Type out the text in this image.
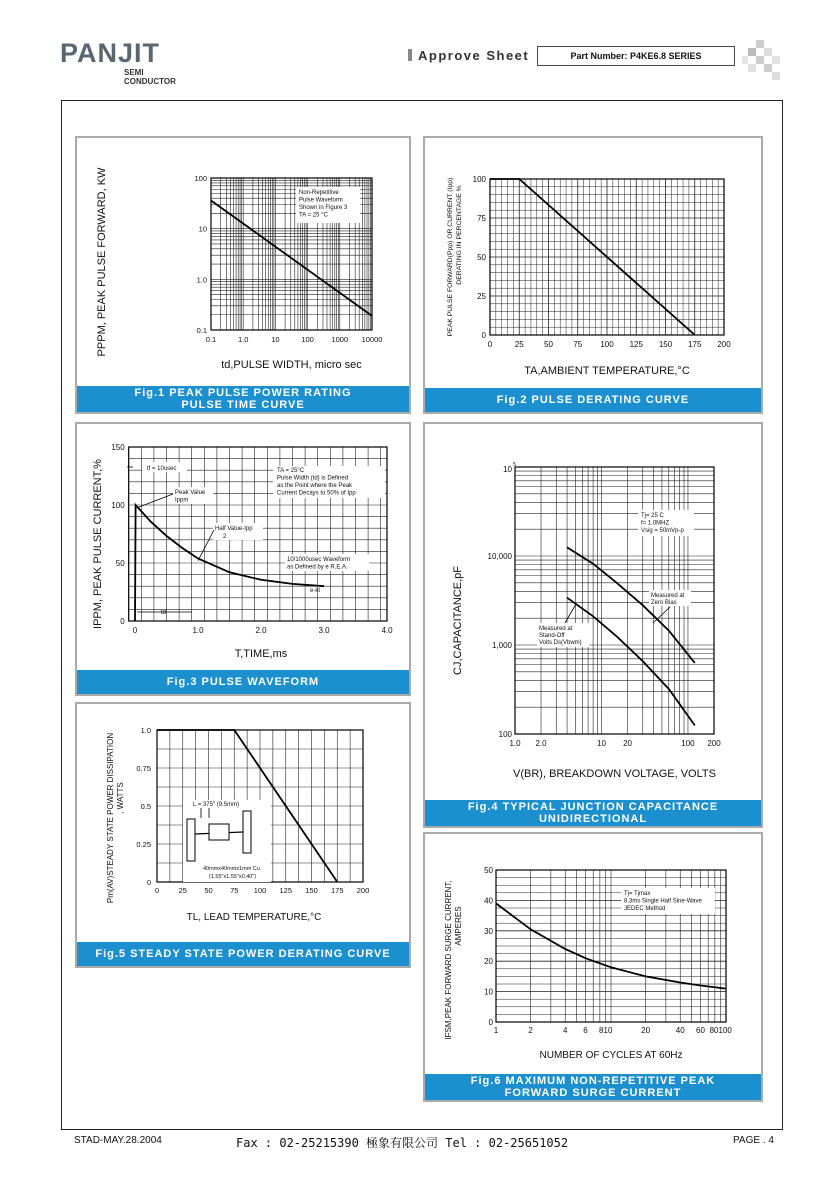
PANJIT
SEMI
CONDUCTOR
Approve Sheet	Part Number: P4KE6.8 SERIES
0.1	1.0	10	100 1000 10000
0.1
1.0
10
100
Non-Repetitive
Pulse Waveform
Shown in Figure 3
TA = 25 °C
td,PULSE WIDTH, micro sec
PPPM, PEAK PULSE FORWARD, KW
Fig.1 PEAK PULSE POWER RATING
PULSE TIME CURVE
0	25	50	75 100 125 150 175 200
0
25
50
75
100
TA,AMBIENT TEMPERATURE,°C
PEAK PULSE FORWARD(Ppp) OR CURRENT (Ipp) DERATING IN PERCENTAGE %
Fig.2 PULSE DERATING CURVE
0	1.0	2.0	3.0	4.0
0
50
100
150
tf = 10usec	TA = 25°C
Pulse Width (td) is Defined
as the Point where the Peak
Current Decays to 50% of Ipp
Peak Value
Ippm
Half Value-Ipp
2
10/1000usec Waveform
as Defined by e R.E.A.
e-kt
td
T,TIME,ms
IPPM, PEAK PULSE CURRENT,%
Fig.3 PULSE WAVEFORM
1.0 2.0	10 20	100 200
100
1,000
10,000
10 5
Tj= 25 C
f= 1.0MHZ
Vsig = 50mVp-p
Measured at
Zero Bias
Measured at
Stand-Off
Volts Ds(Vbwm)
V(BR), BREAKDOWN VOLTAGE, VOLTS
CJ,CAPACITANCE,pF
Fig.4 TYPICAL JUNCTION CAPACITANCE
UNIDIRECTIONAL
0	25 50 75 100 125 150 175 200
0
0.25
0.5
0.75
1.0
L = 375" (9.5mm)
40mmx40mmx1mm Cu
(1.55"x1.55"x0.40")
TL, LEAD TEMPERATURE,°C
Pm(AV)STEADY STATE POWER DISSIPATION , WATTS
Fig.5 STEADY STATE POWER DERATING CURVE
1	2	4 6 810	20	40 60 80100
0
10
20
30
40
50
Tj= Tjmax
8.3ms Single Half Sine-Wave
JEDEC Method
NUMBER OF CYCLES AT 60Hz
IFSM,PEAK FORWARD SURGE CURRENT, AMPERES
Fig.6 MAXIMUM NON-REPETITIVE PEAK
FORWARD SURGE CURRENT
STAD-MAY.28.2004	Fax : 02-25215390 極象有限公司 Tel : 02-25651052	PAGE . 4
